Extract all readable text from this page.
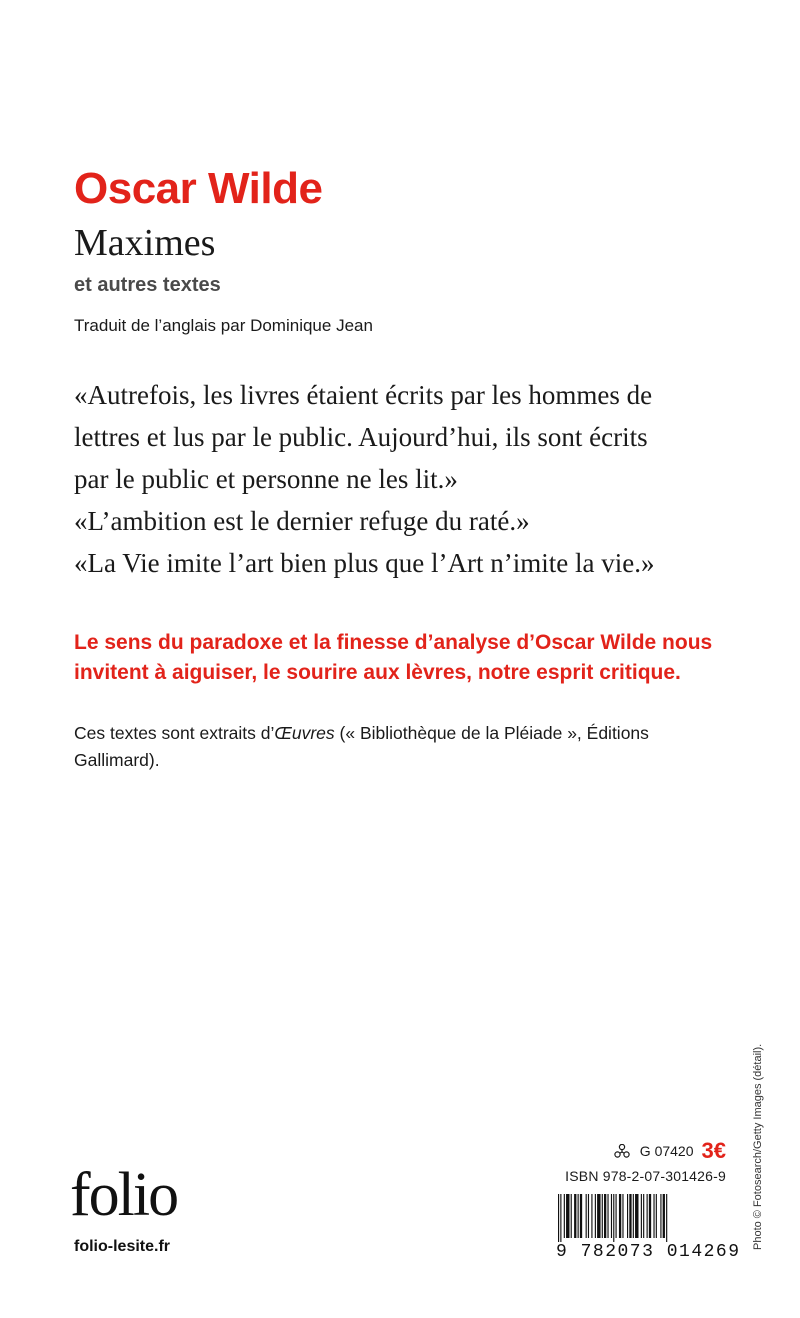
Oscar Wilde
Maximes
et autres textes
Traduit de l’anglais par Dominique Jean

«Autrefois, les livres étaient écrits par les hommes de

lettres et lus par le public. Aujourd’hui, ils sont écrits

par le public et personne ne les lit.»

«L’ambition est le dernier refuge du raté.»

«La Vie imite l’art bien plus que l’Art n’imite la vie.»

Le sens du paradoxe et la finesse d’analyse d’Oscar Wilde nous

invitent à aiguiser, le sourire aux lèvres, notre esprit critique.

Ces textes sont extraits d’Œuvres (« Bibliothèque de la Pléiade », Éditions

Gallimard).

folio
folio-lesite.fr	Photo © Fotosearch/Getty Images (détail).
G 07420 3€
ISBN 978-2-07-301426-9
9 782073 014269
